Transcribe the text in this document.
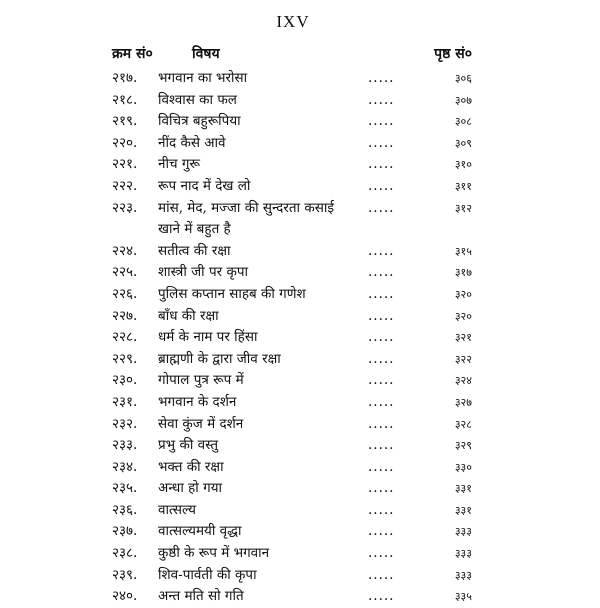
IXV
क्रम सं०	विषय	पृष्ठ सं०
२१७. भगवान का भरोसा	.....	३०६
२१८. विश्वास का फल	.....	३०७
२१९. विचित्र बहुरूपिया	.....	३०८
२२०. नींद कैसे आवे	.....	३०९
२२१. नीच गुरू	.....	३१०
२२२. रूप नाद में देख लो	.....	३११
२२३. मांस, मेद, मज्जा की सुन्दरता कसाई खाने में बहुत है
.....	३१२
२२४. सतीत्व की रक्षा	.....	३१५
२२५. शास्त्री जी पर कृपा	.....	३१७
२२६. पुलिस कप्तान साहब की गणेश	.....	३२०
२२७. बाँध की रक्षा	.....	३२०
२२८. धर्म के नाम पर हिंसा	.....	३२१
२२९. ब्राह्मणी के द्वारा जीव रक्षा	.....	३२२
२३०. गोपाल पुत्र रूप में	.....	३२४
२३१. भगवान के दर्शन	.....	३२७
२३२. सेवा कुंज में दर्शन	.....	३२८
२३३. प्रभु की वस्तु	.....	३२९
२३४. भक्त की रक्षा	.....	३३०
२३५. अन्धा हो गया	.....	३३१
२३६. वात्सल्य	.....	३३१
२३७. वात्सल्यमयी वृद्धा	.....	३३३
२३८. कुष्ठी के रूप में भगवान	.....	३३३
२३९. शिव-पार्वती की कृपा	.....	३३३
२४०. अन्त मति सो गति	.....	३३५
